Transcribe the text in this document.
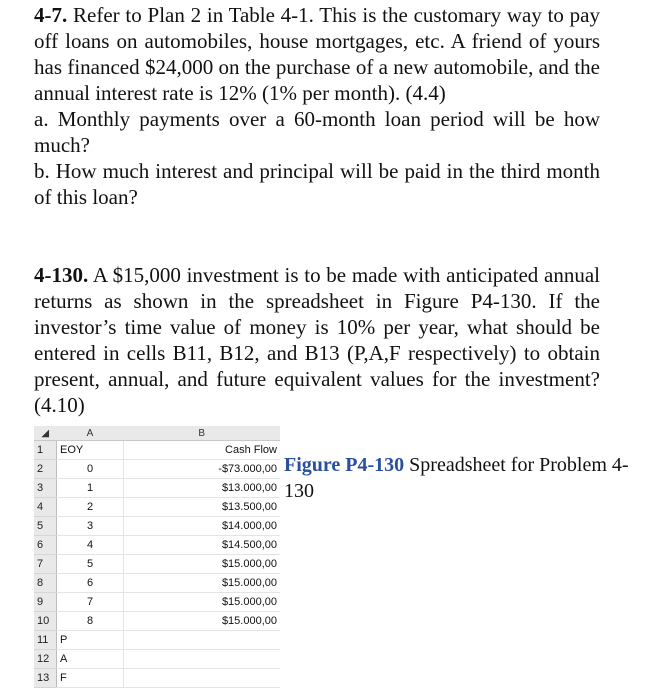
4-7. Refer to Plan 2 in Table 4-1. This is the customary way to pay off loans on automobiles, house mortgages, etc. A friend of yours has financed $24,000 on the purchase of a new automobile, and the annual interest rate is 12% (1% per month). (4.4)

a. Monthly payments over a 60-month loan period will be how much?

b. How much interest and principal will be paid in the third month of this loan?

4-130. A $15,000 investment is to be made with anticipated annual returns as shown in the spreadsheet in Figure P4-130. If the investor’s time value of money is 10% per year, what should be entered in cells B11, B12, and B13 (P,A,F respectively) to obtain present, annual, and future equivalent values for the investment? (4.10)

◢	A	B
1	EOY	Cash Flow
2	0	-$73.000,00
3	1	$13.000,00
4	2	$13.500,00
5	3	$14.000,00
6	4	$14.500,00
7	5	$15.000,00
8	6	$15.000,00
9	7	$15.000,00
10	8	$15.000,00
11	P	
12	A	
13	F	
Figure P4-130 Spreadsheet for Problem 4-130
